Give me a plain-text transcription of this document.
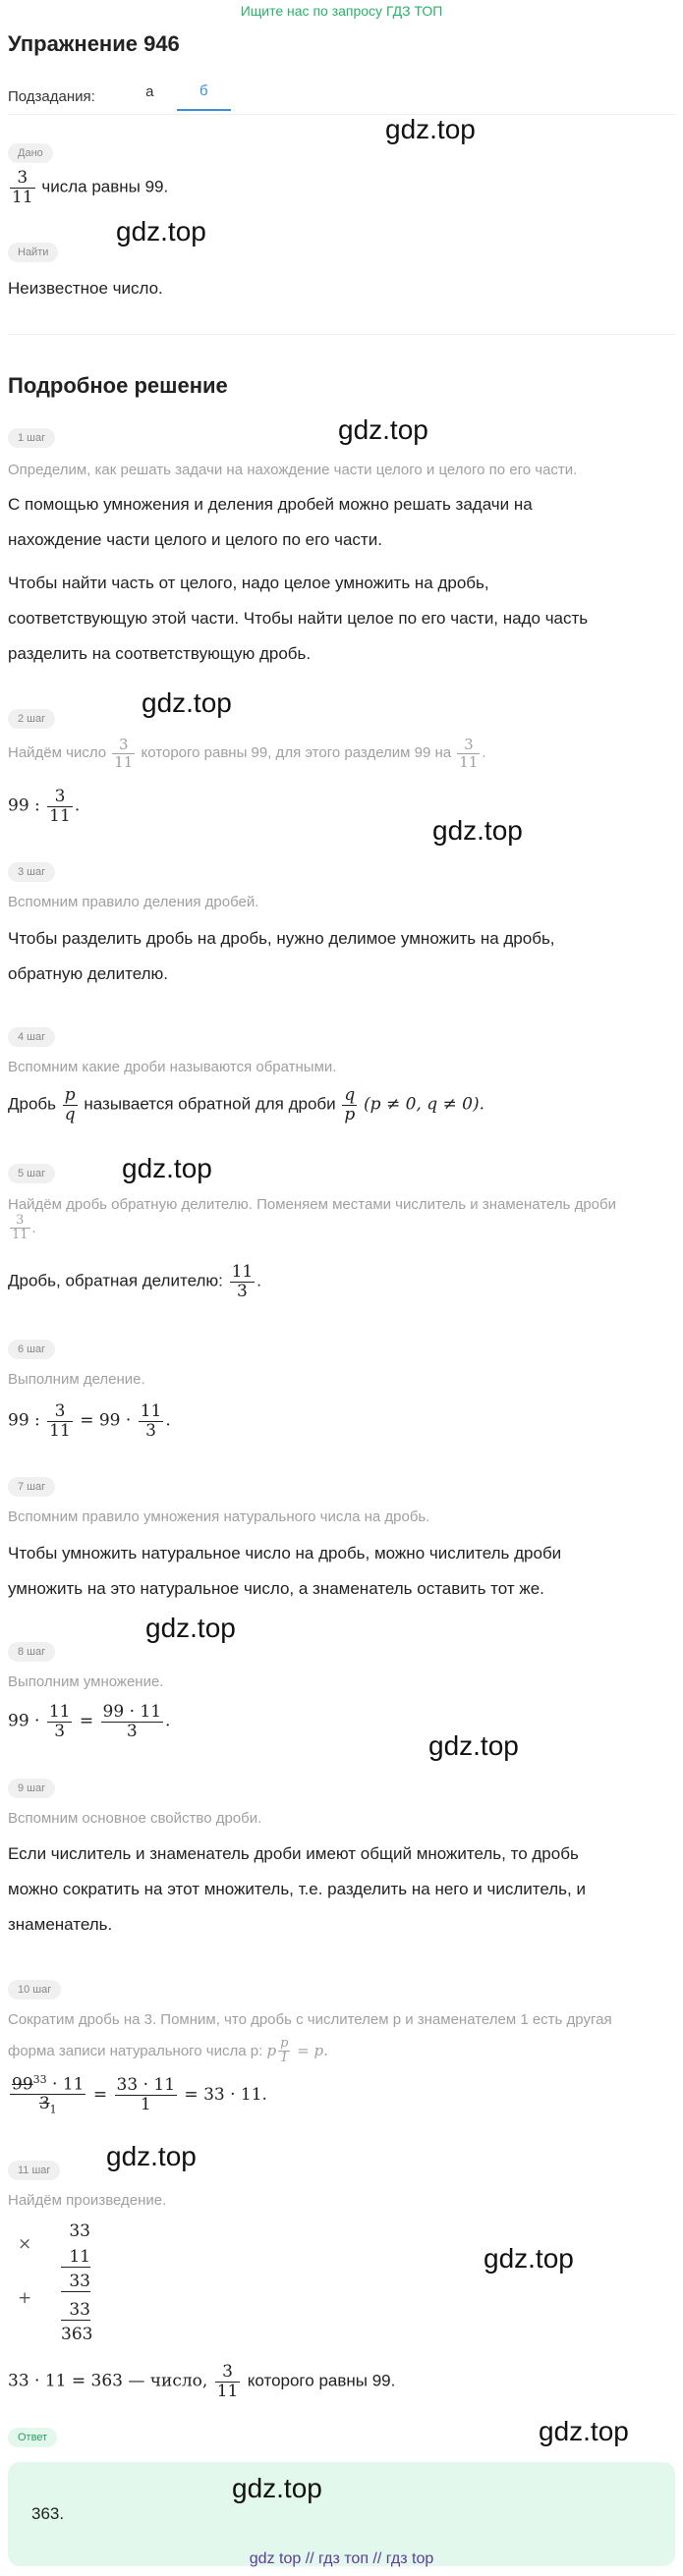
Ищите нас по запросу ГДЗ ТОП
Упражнение 946
Подзадания:	а	б
Дано
$\frac{3}{11}$ числа равны 99.
Найти
Неизвестное число.
Подробное решение
1 шаг
Определим, как решать задачи на нахождение части целого и целого по его части.
С помощью умножения и деления дробей можно решать задачи на
нахождение части целого и целого по его части.
Чтобы найти часть от целого, надо целое умножить на дробь,
соответствующую этой части. Чтобы найти целое по его части, надо часть
разделить на соответствующую дробь.
2 шаг
Найдём число $\frac{3}{11}$ которого равны 99, для этого разделим 99 на $\frac{3}{11}$ .
99 : $\frac{3}{11}$ .
3 шаг
Вспомним правило деления дробей.
Чтобы разделить дробь на дробь, нужно делимое умножить на дробь,
обратную делителю.
4 шаг
Вспомним какие дроби называются обратными.
Дробь $\frac{p}{q}$ называется обратной для дроби $\frac{q}{p} (p \ne 0$, q ≠ 0).
5 шаг
Найдём дробь обратную делителю. Поменяем местами числитель и знаменатель дроби
$\frac{3}{11}$ .
Дробь, обратная делителю: $\frac{11}{3}$ .
6 шаг
Выполним деление.
99 : $\frac{3}{11} = 99 \cdot \frac{11}{3}$ .
7 шаг
Вспомним правило умножения натурального числа на дробь.
Чтобы умножить натуральное число на дробь, можно числитель дроби
умножить на это натуральное число, а знаменатель оставить тот же.
8 шаг
Выполним умножение.
$99 \cdot \frac{11}{3} = \frac{99 \cdot 11}{3}$ .
9 шаг
Вспомним основное свойство дроби.
Если числитель и знаменатель дроби имеют общий множитель, то дробь
можно сократить на этот множитель, т.е. разделить на него и числитель, и
знаменатель.
10 шаг
Сократим дробь на 3. Помним, что дробь с числителем p и знаменателем 1 есть другая
форма записи натурального числа p: p $\frac{p}{1} = p$.
$\frac{99^{33} \cdot 11}{3_1} = \frac{33 \cdot 11}{1} = 33 \cdot 11$.
11 шаг
Найдём произведение.
×
+
33
11
33
33
363
33 · 11 = 363 — число, $\frac{3}{11}$ которого равны 99.
Ответ
363.
gdz.top
gdz.top
gdz.top
gdz.top
gdz.top
gdz.top
gdz.top
gdz.top
gdz.top
gdz.top
gdz.top
gdz.top
gdz top // гдз топ // гдз top
